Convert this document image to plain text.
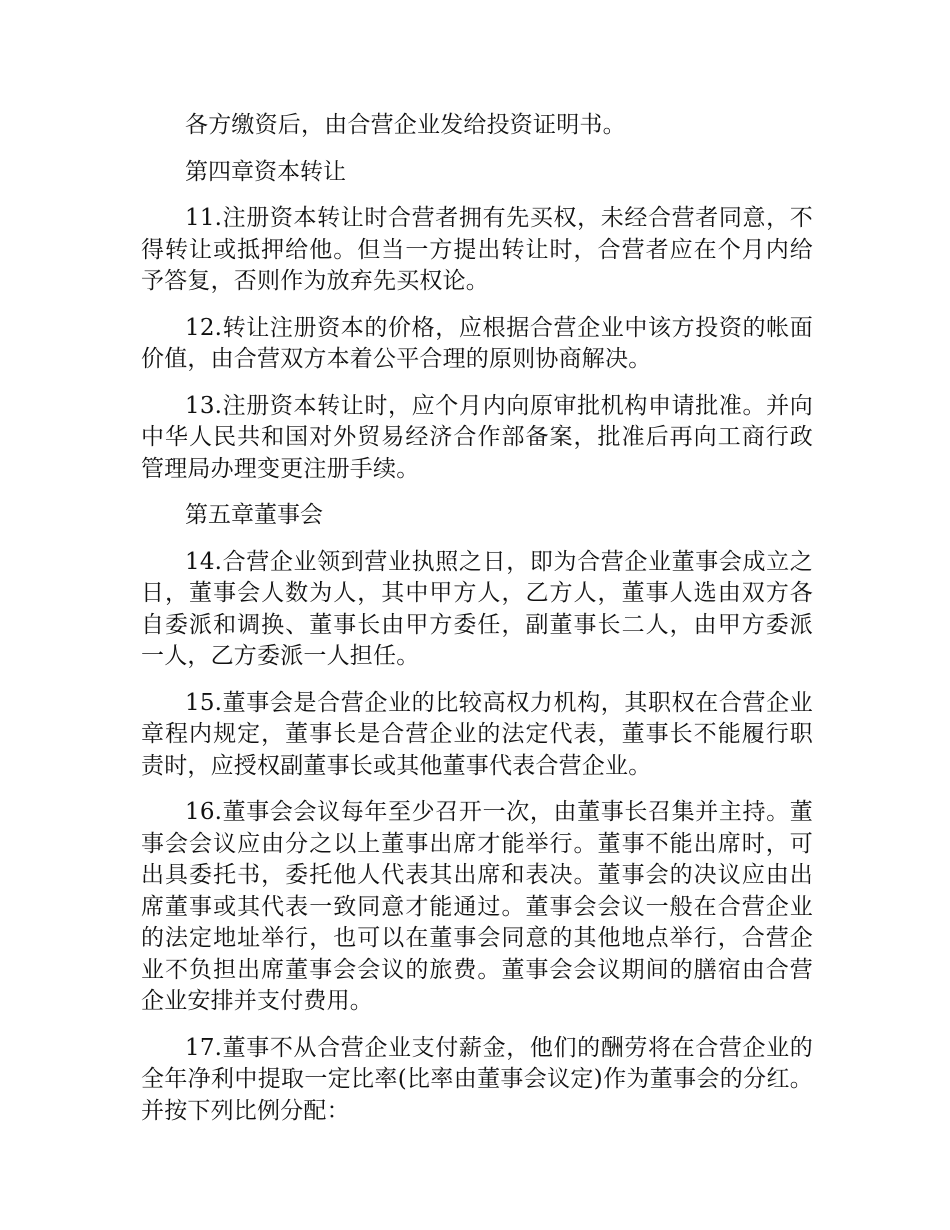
各方缴资后，由合营企业发给投资证明书。

第四章资本转让

11.注册资本转让时合营者拥有先买权，未经合营者同意，不得转让或抵押给他。但当一方提出转让时，合营者应在个月内给予答复，否则作为放弃先买权论。

12.转让注册资本的价格，应根据合营企业中该方投资的帐面价值，由合营双方本着公平合理的原则协商解决。

13.注册资本转让时，应个月内向原审批机构申请批准。并向中华人民共和国对外贸易经济合作部备案，批准后再向工商行政管理局办理变更注册手续。

第五章董事会

14.合营企业领到营业执照之日，即为合营企业董事会成立之日，董事会人数为人，其中甲方人，乙方人，董事人选由双方各自委派和调换、董事长由甲方委任，副董事长二人，由甲方委派一人，乙方委派一人担任。

15.董事会是合营企业的比较高权力机构，其职权在合营企业章程内规定，董事长是合营企业的法定代表，董事长不能履行职责时，应授权副董事长或其他董事代表合营企业。

16.董事会会议每年至少召开一次，由董事长召集并主持。董事会会议应由分之以上董事出席才能举行。董事不能出席时，可出具委托书，委托他人代表其出席和表决。董事会的决议应由出席董事或其代表一致同意才能通过。董事会会议一般在合营企业的法定地址举行，也可以在董事会同意的其他地点举行，合营企业不负担出席董事会会议的旅费。董事会会议期间的膳宿由合营企业安排并支付费用。

17.董事不从合营企业支付薪金，他们的酬劳将在合营企业的全年净利中提取一定比率(比率由董事会议定)作为董事会的分红。并按下列比例分配：
